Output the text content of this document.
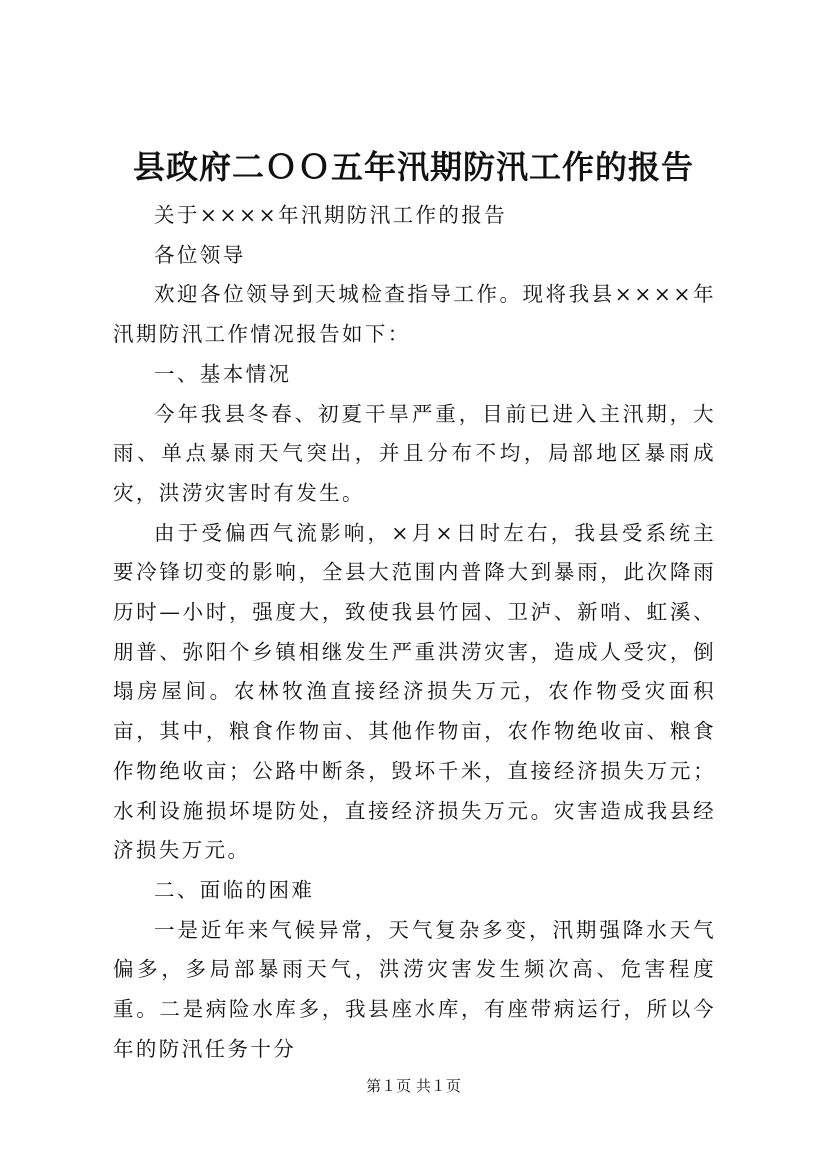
县政府二ＯＯ五年汛期防汛工作的报告

关于××××年汛期防汛工作的报告

各位领导

欢迎各位领导到天城检查指导工作。现将我县××××年汛期防汛工作情况报告如下：

一、基本情况

今年我县冬春、初夏干旱严重，目前已进入主汛期，大雨、单点暴雨天气突出，并且分布不均，局部地区暴雨成灾，洪涝灾害时有发生。

由于受偏西气流影响，×月×日时左右，我县受系统主要冷锋切变的影响，全县大范围内普降大到暴雨，此次降雨历时—小时，强度大，致使我县竹园、卫泸、新哨、虹溪、朋普、弥阳个乡镇相继发生严重洪涝灾害，造成人受灾，倒塌房屋间。农林牧渔直接经济损失万元，农作物受灾面积亩，其中，粮食作物亩、其他作物亩，农作物绝收亩、粮食作物绝收亩；公路中断条，毁坏千米，直接经济损失万元；水利设施损坏堤防处，直接经济损失万元。灾害造成我县经济损失万元。

二、面临的困难

一是近年来气候异常，天气复杂多变，汛期强降水天气偏多，多局部暴雨天气，洪涝灾害发生频次高、危害程度重。二是病险水库多，我县座水库，有座带病运行，所以今年的防汛任务十分

第１页 共１页
